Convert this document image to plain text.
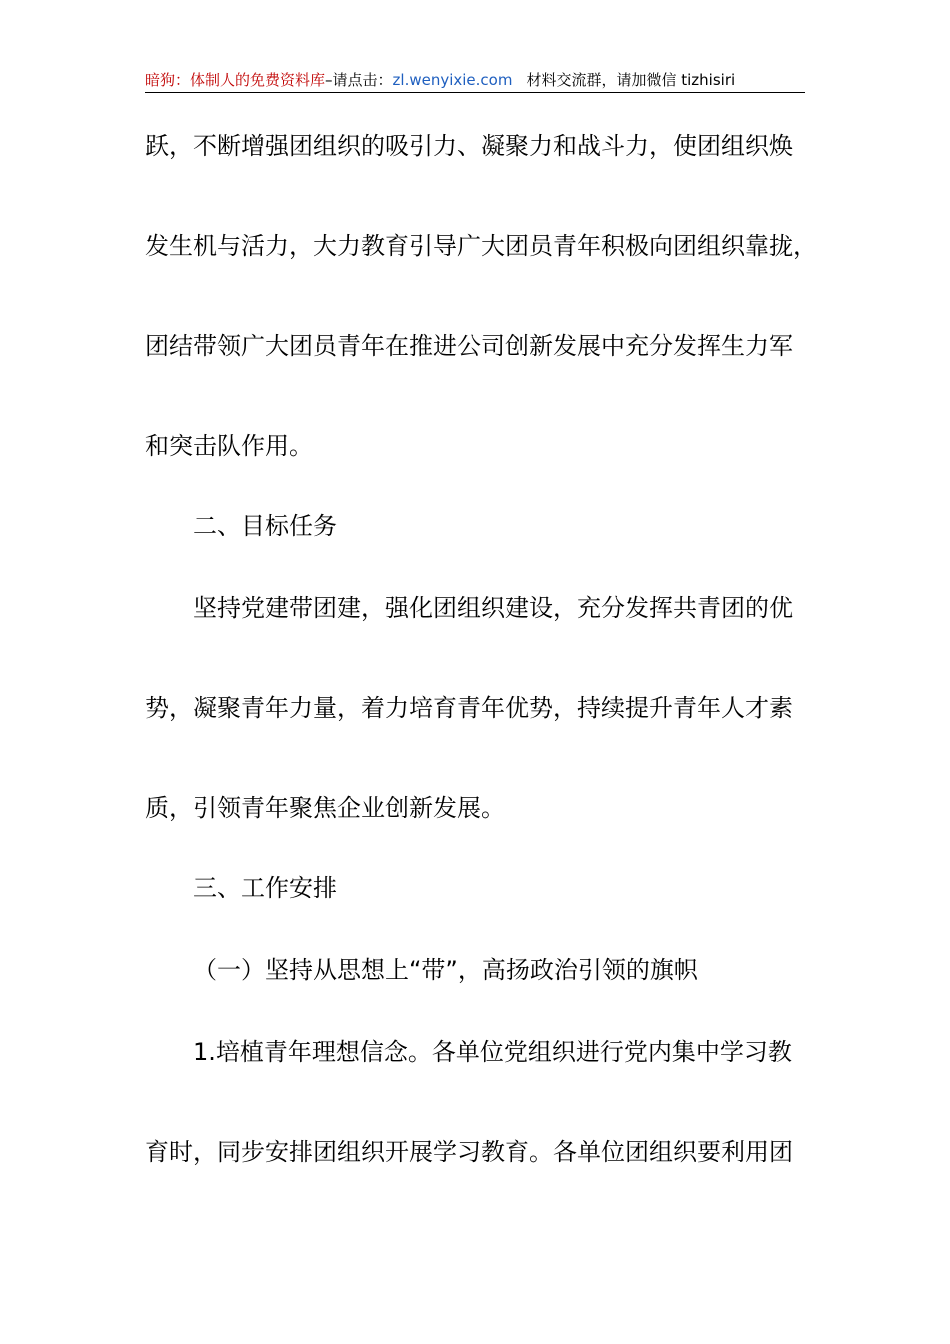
暗狗：体制人的免费资料库–请点击：zl.wenyixie.com 材料交流群，请加微信 tizhisiri
跃，不断增强团组织的吸引力、凝聚力和战斗力，使团组织焕
发生机与活力，大力教育引导广大团员青年积极向团组织靠拢，
团结带领广大团员青年在推进公司创新发展中充分发挥生力军
和突击队作用。
二、目标任务
坚持党建带团建，强化团组织建设，充分发挥共青团的优
势，凝聚青年力量，着力培育青年优势，持续提升青年人才素
质，引领青年聚焦企业创新发展。
三、工作安排
（一）坚持从思想上“带”，高扬政治引领的旗帜
1.培植青年理想信念。各单位党组织进行党内集中学习教
育时，同步安排团组织开展学习教育。各单位团组织要利用团
